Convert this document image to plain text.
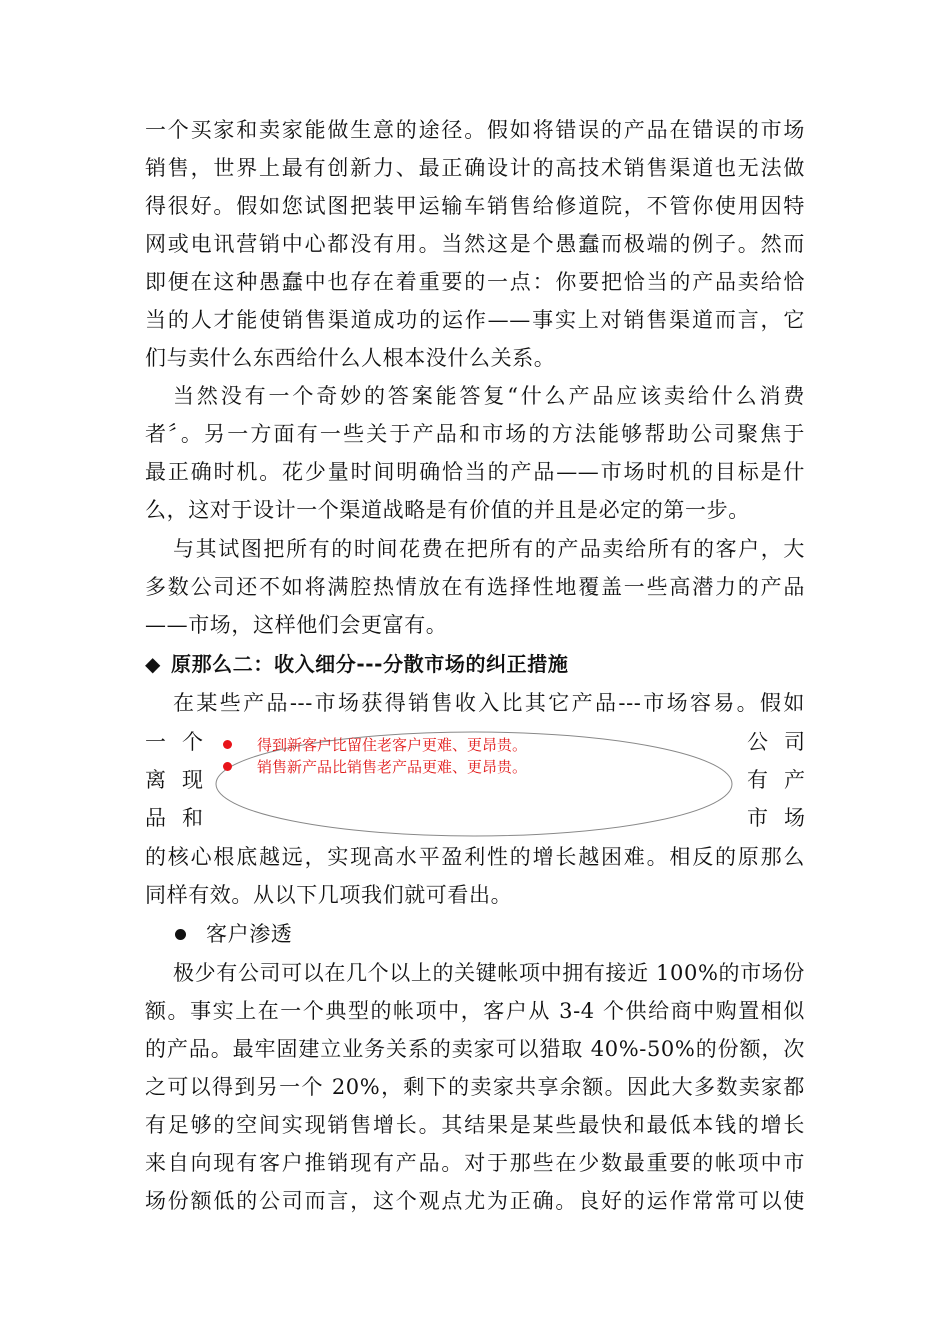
一个买家和卖家能做生意的途径。假如将错误的产品在错误的市场
销售，世界上最有创新力、最正确设计的高技术销售渠道也无法做
得很好。假如您试图把装甲运输车销售给修道院，不管你使用因特
网或电讯营销中心都没有用。当然这是个愚蠢而极端的例子。然而
即便在这种愚蠢中也存在着重要的一点：你要把恰当的产品卖给恰
当的人才能使销售渠道成功的运作——事实上对销售渠道而言，它
们与卖什么东西给什么人根本没什么关系。
当然没有一个奇妙的答案能答复“什么产品应该卖给什么消费
者〞。另一方面有一些关于产品和市场的方法能够帮助公司聚焦于
最正确时机。花少量时间明确恰当的产品——市场时机的目标是什
么，这对于设计一个渠道战略是有价值的并且是必定的第一步。
与其试图把所有的时间花费在把所有的产品卖给所有的客户，大
多数公司还不如将满腔热情放在有选择性地覆盖一些高潜力的产品
——市场，这样他们会更富有。
◆ 原那么二：收入细分---分散市场的纠正措施
在某些产品---市场获得销售收入比其它产品---市场容易。假如
一个	公司
离现	有产
品和	市场
得到新客户比留住老客户更难、更昂贵。
销售新产品比销售老产品更难、更昂贵。
的核心根底越远，实现高水平盈利性的增长越困难。相反的原那么
同样有效。从以下几项我们就可看出。
客户渗透
极少有公司可以在几个以上的关键帐项中拥有接近 100%的市场份
额。事实上在一个典型的帐项中，客户从 3-4 个供给商中购置相似
的产品。最牢固建立业务关系的卖家可以猎取 40%-50%的份额，次
之可以得到另一个 20%，剩下的卖家共享余额。因此大多数卖家都
有足够的空间实现销售增长。其结果是某些最快和最低本钱的增长
来自向现有客户推销现有产品。对于那些在少数最重要的帐项中市
场份额低的公司而言，这个观点尤为正确。良好的运作常常可以使
